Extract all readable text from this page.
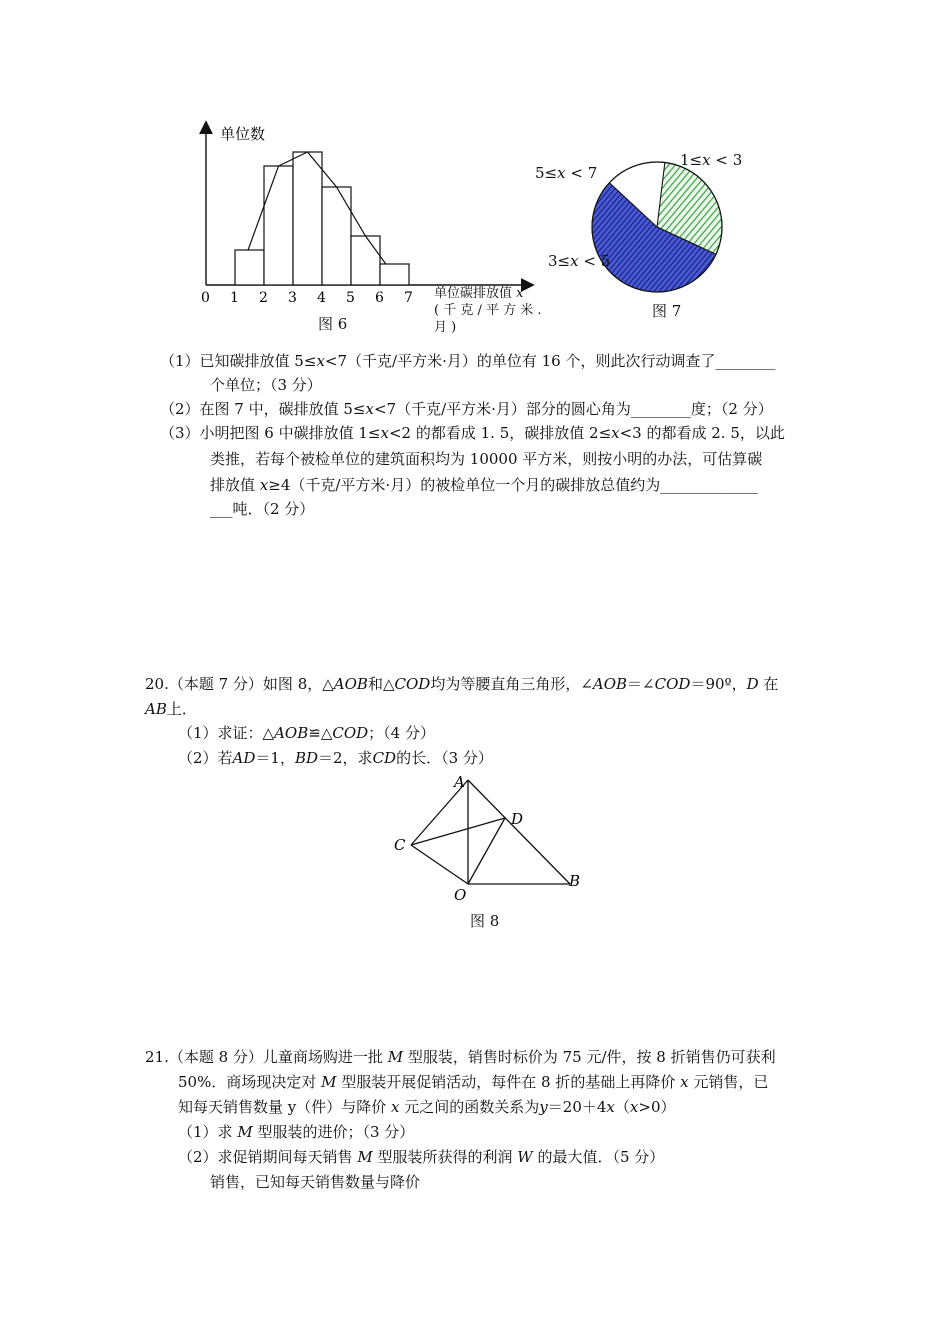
单位数
0 1 2 3 4 5 6 7 单位碳排放值 x
( 千 克 / 平 方 米 .
月 )
图 6
1≤x < 3
5≤x < 7
3≤x < 5
图 7
（1）已知碳排放值 5≤x<7（千克/平方米·月）的单位有 16 个，则此次行动调查了________
个单位；（3 分）
（2）在图 7 中，碳排放值 5≤x<7（千克/平方米·月）部分的圆心角为________度；（2 分）
（3）小明把图 6 中碳排放值 1≤x<2 的都看成 1. 5，碳排放值 2≤x<3 的都看成 2. 5，以此
类推，若每个被检单位的建筑面积均为 10000 平方米，则按小明的办法，可估算碳
排放值 x≥4（千克/平方米·月）的被检单位一个月的碳排放总值约为_____________
___吨．（2 分）
20.（本题 7 分）如图 8，△AOB和△COD均为等腰直角三角形，∠AOB＝∠COD＝90º，D 在
AB上．
（1）求证：△AOB≌△COD；（4 分）
（2）若AD＝1，BD＝2，求CD的长．（3 分）
A
D
C
O
B
图 8
21.（本题 8 分）儿童商场购进一批 M 型服装，销售时标价为 75 元/件，按 8 折销售仍可获利
50%．商场现决定对 M 型服装开展促销活动，每件在 8 折的基础上再降价 x 元销售，已
知每天销售数量 y（件）与降价 x 元之间的函数关系为y＝20＋4x（x>0）
（1）求 M 型服装的进价；（3 分）
（2）求促销期间每天销售 M 型服装所获得的利润 W 的最大值．（5 分）
销售，已知每天销售数量与降价
